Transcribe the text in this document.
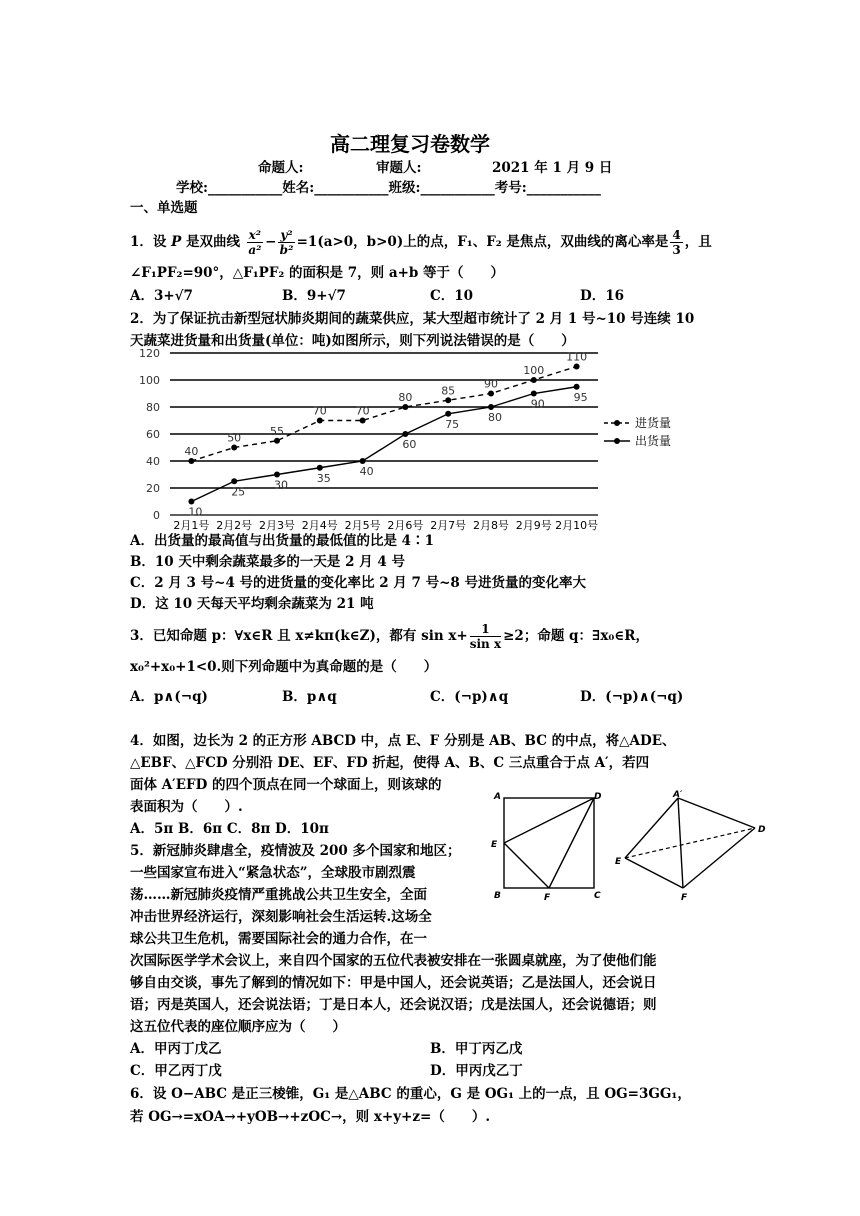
高二理复习卷数学
命题人:	审题人:	2021 年 1 月 9 日
学校:___________姓名:___________班级:___________考号:___________
一、单选题
1．设 P 是双曲线 $\frac{\text{x²}}{\text{a²}} - \frac{\text{y²}}{\text{b²}} =1(a>0$，b>0)上的点，F₁、F₂ 是焦点，双曲线的离心率是 $\frac{4}{3}$ ，且
∠F₁PF₂=90°，△F₁PF₂ 的面积是 7，则 a+b 等于（　　）
A．3+√7	B．9+√7	C．10	D．16
2．为了保证抗击新型冠状肺炎期间的蔬菜供应，某大型超市统计了 2 月 1 号~10 号连续 10
天蔬菜进货量和出货量(单位：吨)如图所示，则下列说法错误的是（　　）
0
20
40
60
80
100
120
2月1号 2月2号 2月3号 2月4号 2月5号 2月6号 2月7号 2月8号 2月9号 2月10号
40
50
55
70	70
80
85
90
100
110
10
25
30
35
40
60
75
80
90
95
进货量
出货量
A．出货量的最高值与出货量的最低值的比是 4∶1
B．10 天中剩余蔬菜最多的一天是 2 月 4 号
C．2 月 3 号~4 号的进货量的变化率比 2 月 7 号~8 号进货量的变化率大
D．这 10 天每天平均剩余蔬菜为 21 吨
3．已知命题 p：∀x∈R 且 x≠kπ(k∈Z)，都有 $\sin x+ \frac{1}{\text{sin x}} \ge 2$；命题 q：∃x₀∈R，
x₀²+x₀+1<0.则下列命题中为真命题的是（　　）
A．p∧(¬q)	B．p∧q	C．(¬p)∧q	D．(¬p)∧(¬q)
4．如图，边长为 2 的正方形 ABCD 中，点 E、F 分别是 AB、BC 的中点，将△ADE、
△EBF、△FCD 分别沿 DE、EF、FD 折起，使得 A、B、C 三点重合于点 A′，若四
面体 A′EFD 的四个顶点在同一个球面上，则该球的
表面积为（　　）.
A．5π B．6π C．8π D．10π
A	D
E
B	F	C
A′
D
E
F
5．新冠肺炎肆虐全，疫情波及 200 多个国家和地区；
一些国家宣布进入“紧急状态”，全球股市剧烈震
荡……新冠肺炎疫情严重挑战公共卫生安全，全面
冲击世界经济运行，深刻影响社会生活运转.这场全
球公共卫生危机，需要国际社会的通力合作，在一
次国际医学学术会议上，来自四个国家的五位代表被安排在一张圆桌就座，为了使他们能
够自由交谈，事先了解到的情况如下：甲是中国人，还会说英语；乙是法国人，还会说日
语；丙是英国人，还会说法语；丁是日本人，还会说汉语；戊是法国人，还会说德语；则
这五位代表的座位顺序应为（　　）
A．甲丙丁戊乙	B．甲丁丙乙戊
C．甲乙丙丁戊	D．甲丙戊乙丁
6．设 O−ABC 是正三棱锥，G₁ 是△ABC 的重心，G 是 OG₁ 上的一点，且 OG=3GG₁，
若 OG→=xOA→+yOB→+zOC→，则 x+y+z=（　　）.
